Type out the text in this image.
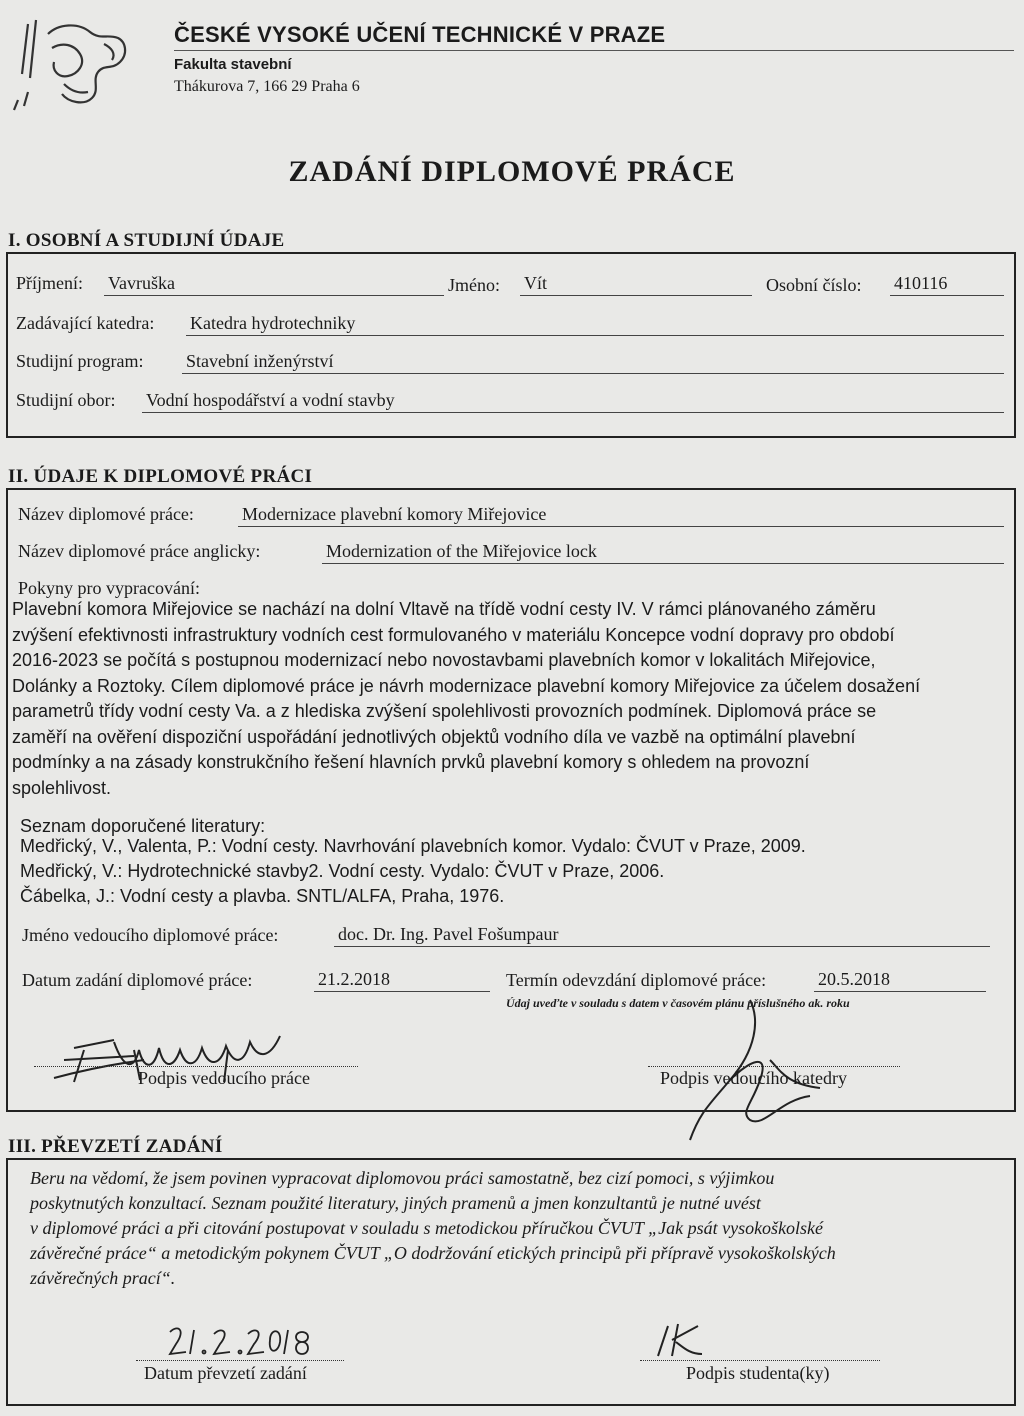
ČESKÉ VYSOKÉ UČENÍ TECHNICKÉ V PRAZE
Fakulta stavební
Thákurova 7, 166 29 Praha 6
ZADÁNÍ DIPLOMOVÉ PRÁCE
I. OSOBNÍ A STUDIJNÍ ÚDAJE
Příjmení: Vavruška	Jméno: Vít	Osobní číslo: 410116
Zadávající katedra: Katedra hydrotechniky
Studijní program: Stavební inženýrství
Studijní obor: Vodní hospodářství a vodní stavby
II. ÚDAJE K DIPLOMOVÉ PRÁCI
Název diplomové práce:	Modernizace plavební komory Miřejovice
Název diplomové práce anglicky:	Modernization of the Miřejovice lock
Pokyny pro vypracování:
Plavební komora Miřejovice se nachází na dolní Vltavě na třídě vodní cesty IV. V rámci plánovaného záměru
zvýšení efektivnosti infrastruktury vodních cest formulovaného v materiálu Koncepce vodní dopravy pro období
2016-2023 se počítá s postupnou modernizací nebo novostavbami plavebních komor v lokalitách Miřejovice,
Dolánky a Roztoky. Cílem diplomové práce je návrh modernizace plavební komory Miřejovice za účelem dosažení
parametrů třídy vodní cesty Va. a z hlediska zvýšení spolehlivosti provozních podmínek. Diplomová práce se
zaměří na ověření dispoziční uspořádání jednotlivých objektů vodního díla ve vazbě na optimální plavební
podmínky a na zásady konstrukčního řešení hlavních prvků plavební komory s ohledem na provozní
spolehlivost.
Seznam doporučené literatury:
Medřický, V., Valenta, P.: Vodní cesty. Navrhování plavebních komor. Vydalo: ČVUT v Praze, 2009.
Medřický, V.: Hydrotechnické stavby2. Vodní cesty. Vydalo: ČVUT v Praze, 2006.
Čábelka, J.: Vodní cesty a plavba. SNTL/ALFA, Praha, 1976.
Jméno vedoucího diplomové práce:	doc. Dr. Ing. Pavel Fošumpaur
Datum zadání diplomové práce:	21.2.2018	Termín odevzdání diplomové práce:	20.5.2018
Údaj uveďte v souladu s datem v časovém plánu příslušného ak. roku
Podpis vedoucího práce	Podpis vedoucího katedry
III. PŘEVZETÍ ZADÁNÍ
Beru na vědomí, že jsem povinen vypracovat diplomovou práci samostatně, bez cizí pomoci, s výjimkou
poskytnutých konzultací. Seznam použité literatury, jiných pramenů a jmen konzultantů je nutné uvést
v diplomové práci a při citování postupovat v souladu s metodickou příručkou ČVUT „Jak psát vysokoškolské
závěrečné práce“ a metodickým pokynem ČVUT „O dodržování etických principů při přípravě vysokoškolských
závěrečných prací“.
Datum převzetí zadání	Podpis studenta(ky)
